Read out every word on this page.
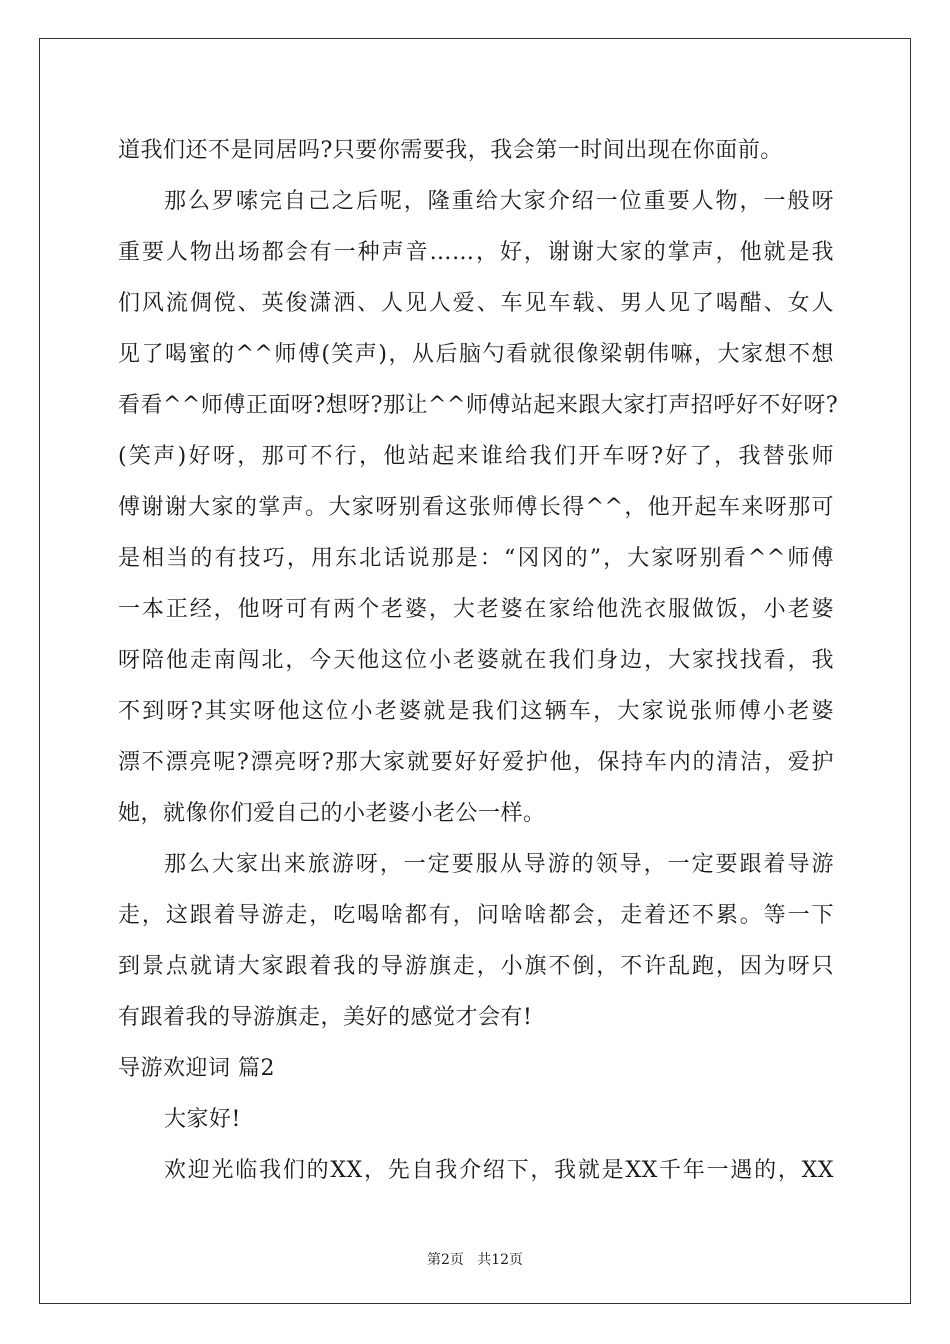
道我们还不是同居吗?只要你需要我，我会第一时间出现在你面前。
那么罗嗦完自己之后呢，隆重给大家介绍一位重要人物，一般呀
重要人物出场都会有一种声音……，好，谢谢大家的掌声，他就是我
们风流倜傥、英俊潇洒、人见人爱、车见车载、男人见了喝醋、女人
见了喝蜜的^^师傅(笑声)，从后脑勺看就很像梁朝伟嘛，大家想不想
看看^^师傅正面呀?想呀?那让^^师傅站起来跟大家打声招呼好不好呀?
(笑声)好呀，那可不行，他站起来谁给我们开车呀?好了，我替张师
傅谢谢大家的掌声。大家呀别看这张师傅长得^^，他开起车来呀那可
是相当的有技巧，用东北话说那是：“冈冈的”，大家呀别看^^师傅
一本正经，他呀可有两个老婆，大老婆在家给他洗衣服做饭，小老婆
呀陪他走南闯北，今天他这位小老婆就在我们身边，大家找找看，我
不到呀?其实呀他这位小老婆就是我们这辆车，大家说张师傅小老婆
漂不漂亮呢?漂亮呀?那大家就要好好爱护他，保持车内的清洁，爱护
她，就像你们爱自己的小老婆小老公一样。
那么大家出来旅游呀，一定要服从导游的领导，一定要跟着导游
走，这跟着导游走，吃喝啥都有，问啥啥都会，走着还不累。等一下
到景点就请大家跟着我的导游旗走，小旗不倒，不许乱跑，因为呀只
有跟着我的导游旗走，美好的感觉才会有!
导游欢迎词 篇2
大家好!
欢迎光临我们的XX，先自我介绍下，我就是XX千年一遇的，XX
第2页   共12页
